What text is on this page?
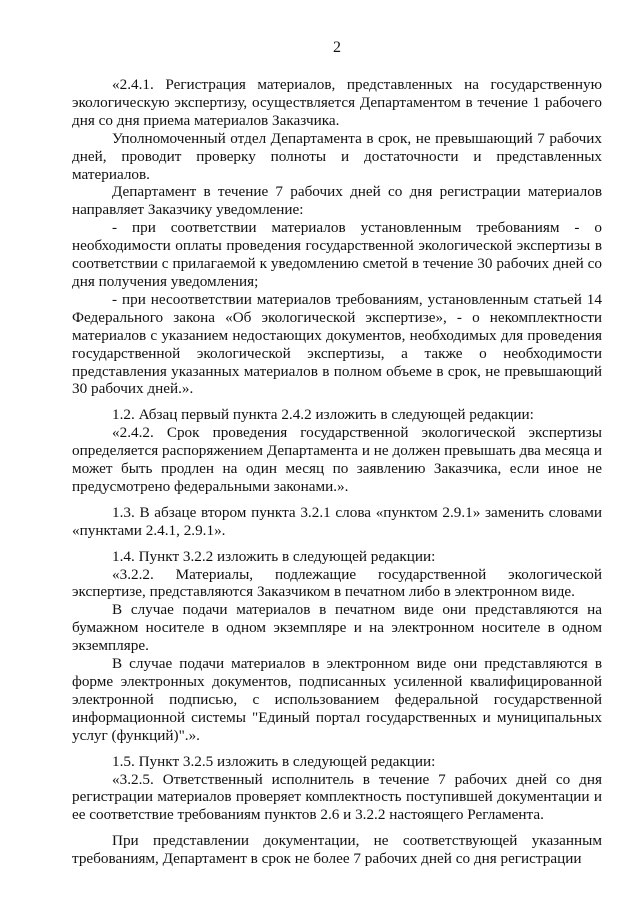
2

«2.4.1. Регистрация материалов, представленных на государственную экологическую экспертизу, осуществляется Департаментом в течение 1 рабочего дня со дня приема материалов Заказчика.

Уполномоченный отдел Департамента в срок, не превышающий 7 рабочих дней, проводит проверку полноты и достаточности и представленных материалов.

Департамент в течение 7 рабочих дней со дня регистрации материалов направляет Заказчику уведомление:

- при соответствии материалов установленным требованиям - о необходимости оплаты проведения государственной экологической экспертизы в соответствии с прилагаемой к уведомлению сметой в течение 30 рабочих дней со дня получения уведомления;

- при несоответствии материалов требованиям, установленным статьей 14 Федерального закона «Об экологической экспертизе», - о некомплектности материалов с указанием недостающих документов, необходимых для проведения государственной экологической экспертизы, а также о необходимости представления указанных материалов в полном объеме в срок, не превышающий 30 рабочих дней.».

1.2. Абзац первый пункта 2.4.2 изложить в следующей редакции:

«2.4.2. Срок проведения государственной экологической экспертизы определяется распоряжением Департамента и не должен превышать два месяца и может быть продлен на один месяц по заявлению Заказчика, если иное не предусмотрено федеральными законами.».

1.3. В абзаце втором пункта 3.2.1 слова «пунктом 2.9.1» заменить словами «пунктами 2.4.1, 2.9.1».

1.4. Пункт 3.2.2 изложить в следующей редакции:

«3.2.2. Материалы, подлежащие государственной экологической экспертизе, представляются Заказчиком в печатном либо в электронном виде.

В случае подачи материалов в печатном виде они представляются на бумажном носителе в одном экземпляре и на электронном носителе в одном экземпляре.

В случае подачи материалов в электронном виде они представляются в форме электронных документов, подписанных усиленной квалифицированной электронной подписью, с использованием федеральной государственной информационной системы "Единый портал государственных и муниципальных услуг (функций)".».

1.5. Пункт 3.2.5 изложить в следующей редакции:

«3.2.5. Ответственный исполнитель в течение 7 рабочих дней со дня регистрации материалов проверяет комплектность поступившей документации и ее соответствие требованиям пунктов 2.6 и 3.2.2 настоящего Регламента.

При представлении документации, не соответствующей указанным требованиям, Департамент в срок не более 7 рабочих дней со дня регистрации
